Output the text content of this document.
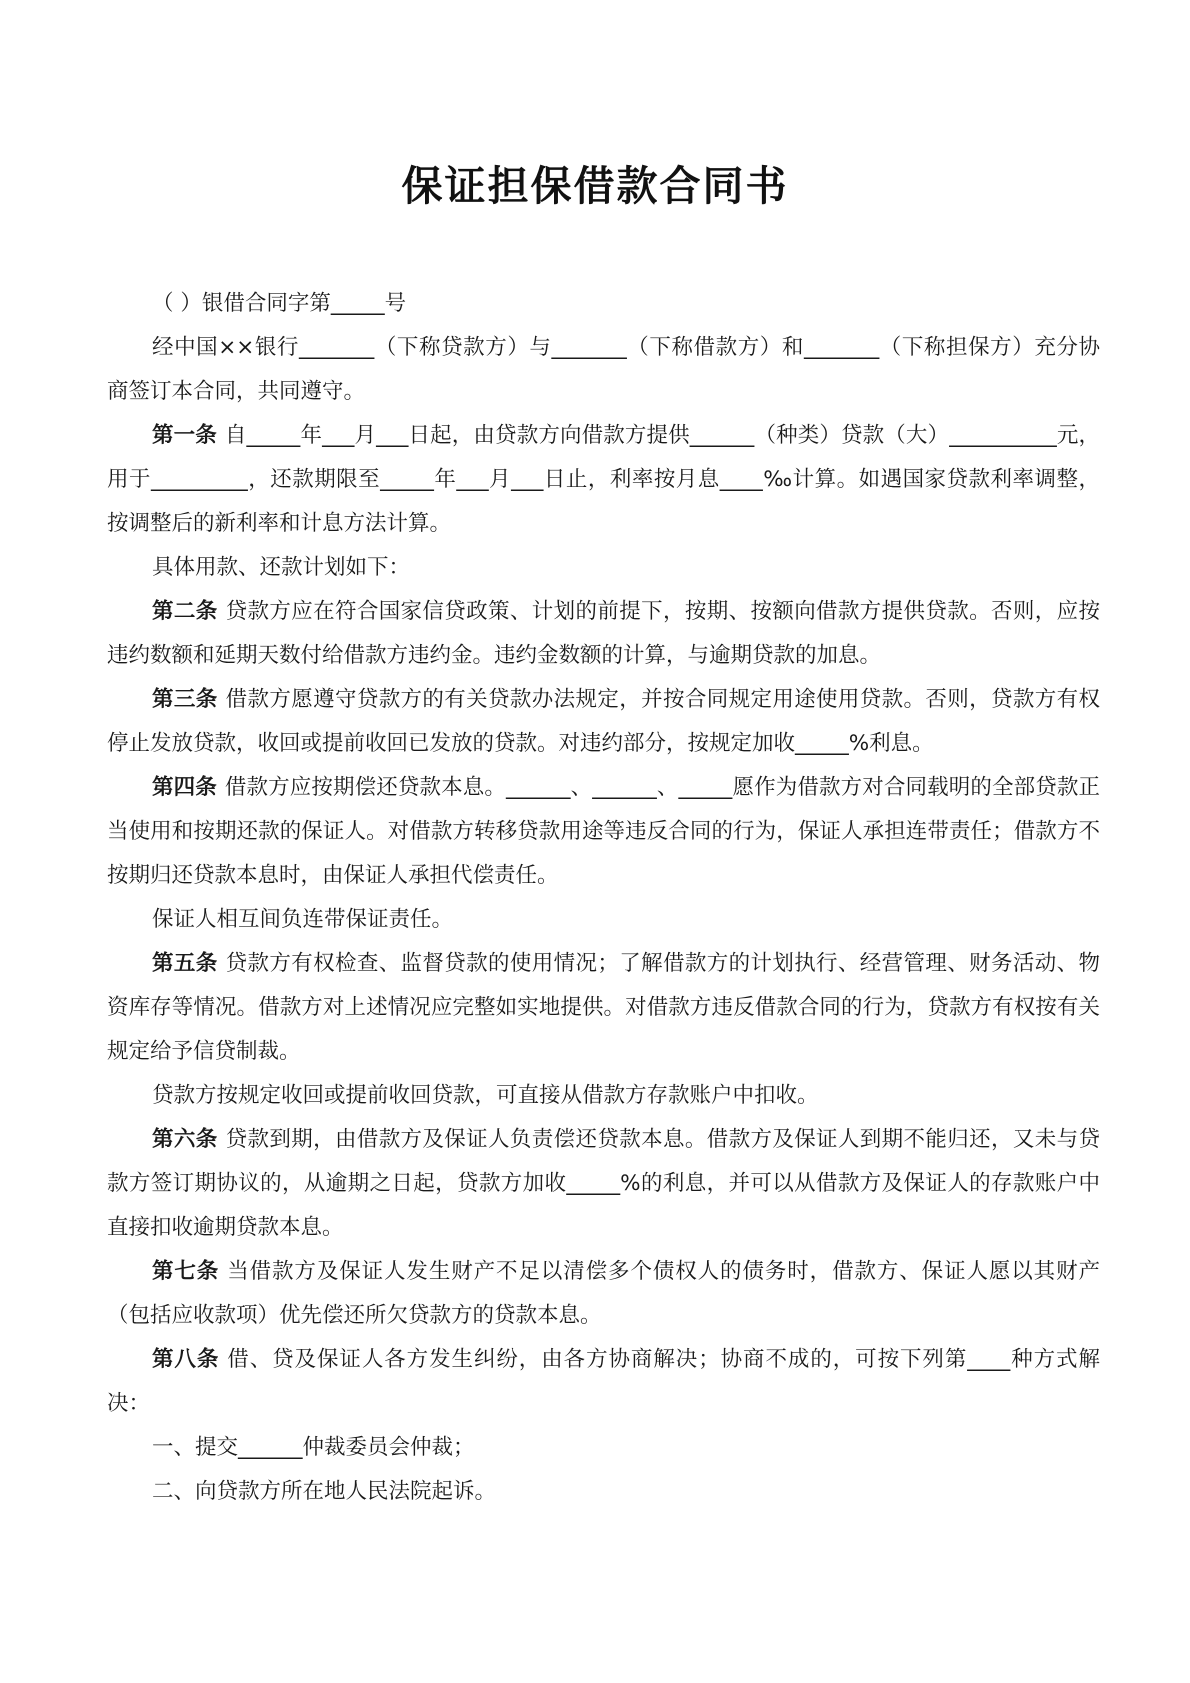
保证担保借款合同书

（ ）银借合同字第_____号

经中国××银行_______（下称贷款方）与_______（下称借款方）和_______（下称担保方）充分协商签订本合同，共同遵守。

第一条 自_____年___月___日起，由贷款方向借款方提供______（种类）贷款（大）__________元，用于_________，还款期限至_____年___月___日止，利率按月息____‰计算。如遇国家贷款利率调整，按调整后的新利率和计息方法计算。

具体用款、还款计划如下：

第二条 贷款方应在符合国家信贷政策、计划的前提下，按期、按额向借款方提供贷款。否则，应按违约数额和延期天数付给借款方违约金。违约金数额的计算，与逾期贷款的加息。

第三条 借款方愿遵守贷款方的有关贷款办法规定，并按合同规定用途使用贷款。否则，贷款方有权停止发放贷款，收回或提前收回已发放的贷款。对违约部分，按规定加收_____%利息。

第四条 借款方应按期偿还贷款本息。______、______、_____愿作为借款方对合同载明的全部贷款正当使用和按期还款的保证人。对借款方转移贷款用途等违反合同的行为，保证人承担连带责任；借款方不按期归还贷款本息时，由保证人承担代偿责任。

保证人相互间负连带保证责任。

第五条 贷款方有权检查、监督贷款的使用情况；了解借款方的计划执行、经营管理、财务活动、物资库存等情况。借款方对上述情况应完整如实地提供。对借款方违反借款合同的行为，贷款方有权按有关规定给予信贷制裁。

贷款方按规定收回或提前收回贷款，可直接从借款方存款账户中扣收。

第六条 贷款到期，由借款方及保证人负责偿还贷款本息。借款方及保证人到期不能归还，又未与贷款方签订期协议的，从逾期之日起，贷款方加收_____%的利息，并可以从借款方及保证人的存款账户中直接扣收逾期贷款本息。

第七条 当借款方及保证人发生财产不足以清偿多个债权人的债务时，借款方、保证人愿以其财产（包括应收款项）优先偿还所欠贷款方的贷款本息。

第八条 借、贷及保证人各方发生纠纷，由各方协商解决；协商不成的，可按下列第____种方式解决：

一、提交______仲裁委员会仲裁；

二、向贷款方所在地人民法院起诉。
